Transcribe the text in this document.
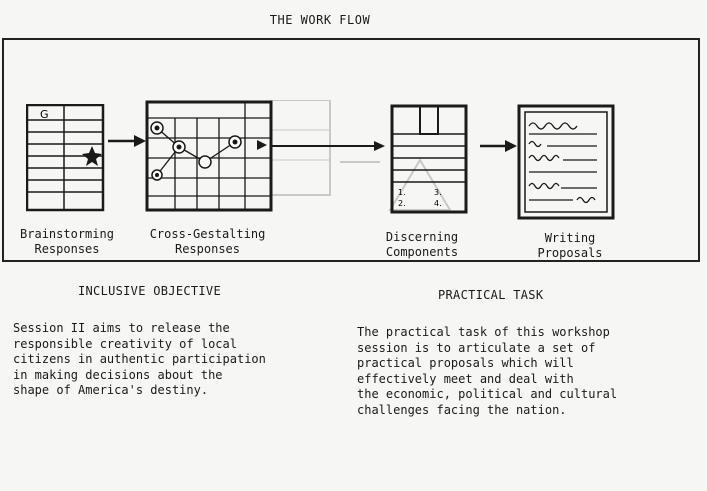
THE WORK FLOW
G
1.
2.
3.
4.
Brainstorming
Responses
Cross-Gestalting
Responses
Discerning
Components
Writing
Proposals
INCLUSIVE OBJECTIVE
Session II aims to release the
responsible creativity of local
citizens in authentic participation
in making decisions about the
shape of America's destiny.
PRACTICAL TASK
The practical task of this workshop
session is to articulate a set of
practical proposals which will
effectively meet and deal with
the economic, political and cultural
challenges facing the nation.
